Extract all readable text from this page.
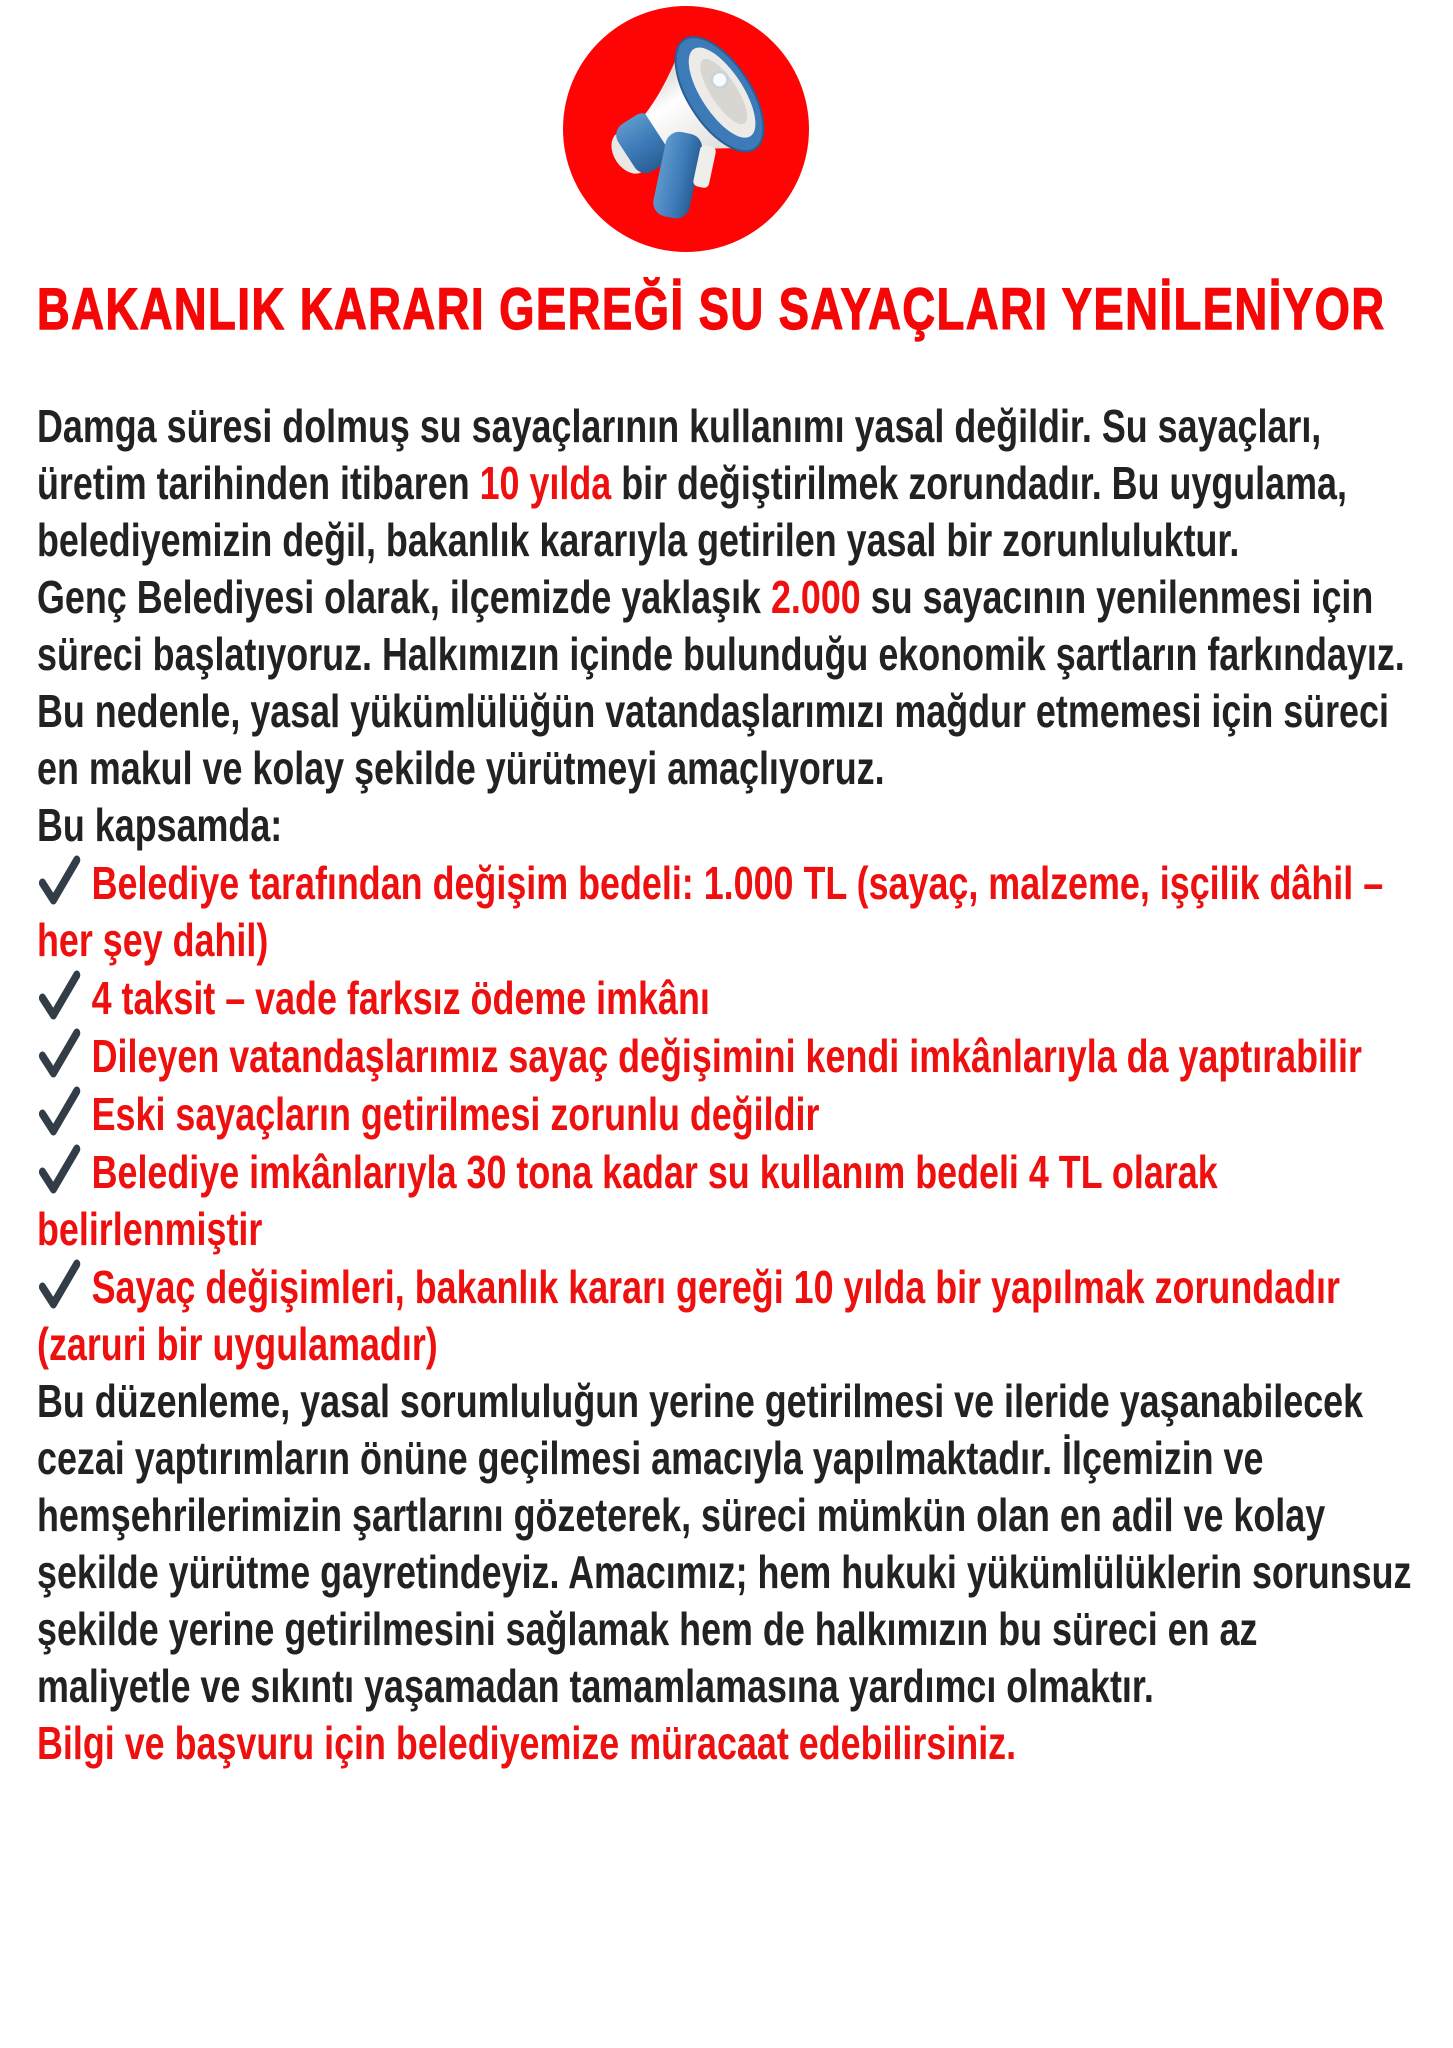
BAKANLIK KARARI GEREĞİ SU SAYAÇLARI YENİLENİYOR
Damga süresi dolmuş su sayaçlarının kullanımı yasal değildir. Su sayaçları, üretim tarihinden itibaren 10 yılda bir değiştirilmek zorundadır. Bu uygulama, belediyemizin değil, bakanlık kararıyla getirilen yasal bir zorunluluktur.
Genç Belediyesi olarak, ilçemizde yaklaşık 2.000 su sayacının yenilenmesi için süreci başlatıyoruz. Halkımızın içinde bulunduğu ekonomik şartların farkındayız. Bu nedenle, yasal yükümlülüğün vatandaşlarımızı mağdur etmemesi için süreci en makul ve kolay şekilde yürütmeyi amaçlıyoruz.
Bu kapsamda:
Belediye tarafından değişim bedeli: 1.000 TL (sayaç, malzeme, işçilik dâhil – her şey dahil)
4 taksit – vade farksız ödeme imkânı
Dileyen vatandaşlarımız sayaç değişimini kendi imkânlarıyla da yaptırabilir
Eski sayaçların getirilmesi zorunlu değildir
Belediye imkânlarıyla 30 tona kadar su kullanım bedeli 4 TL olarak belirlenmiştir
Sayaç değişimleri, bakanlık kararı gereği 10 yılda bir yapılmak zorundadır (zaruri bir uygulamadır)
Bu düzenleme, yasal sorumluluğun yerine getirilmesi ve ileride yaşanabilecek cezai yaptırımların önüne geçilmesi amacıyla yapılmaktadır. İlçemizin ve hemşehrilerimizin şartlarını gözeterek, süreci mümkün olan en adil ve kolay şekilde yürütme gayretindeyiz. Amacımız; hem hukuki yükümlülüklerin sorunsuz şekilde yerine getirilmesini sağlamak hem de halkımızın bu süreci en az maliyetle ve sıkıntı yaşamadan tamamlamasına yardımcı olmaktır.
Bilgi ve başvuru için belediyemize müracaat edebilirsiniz.
